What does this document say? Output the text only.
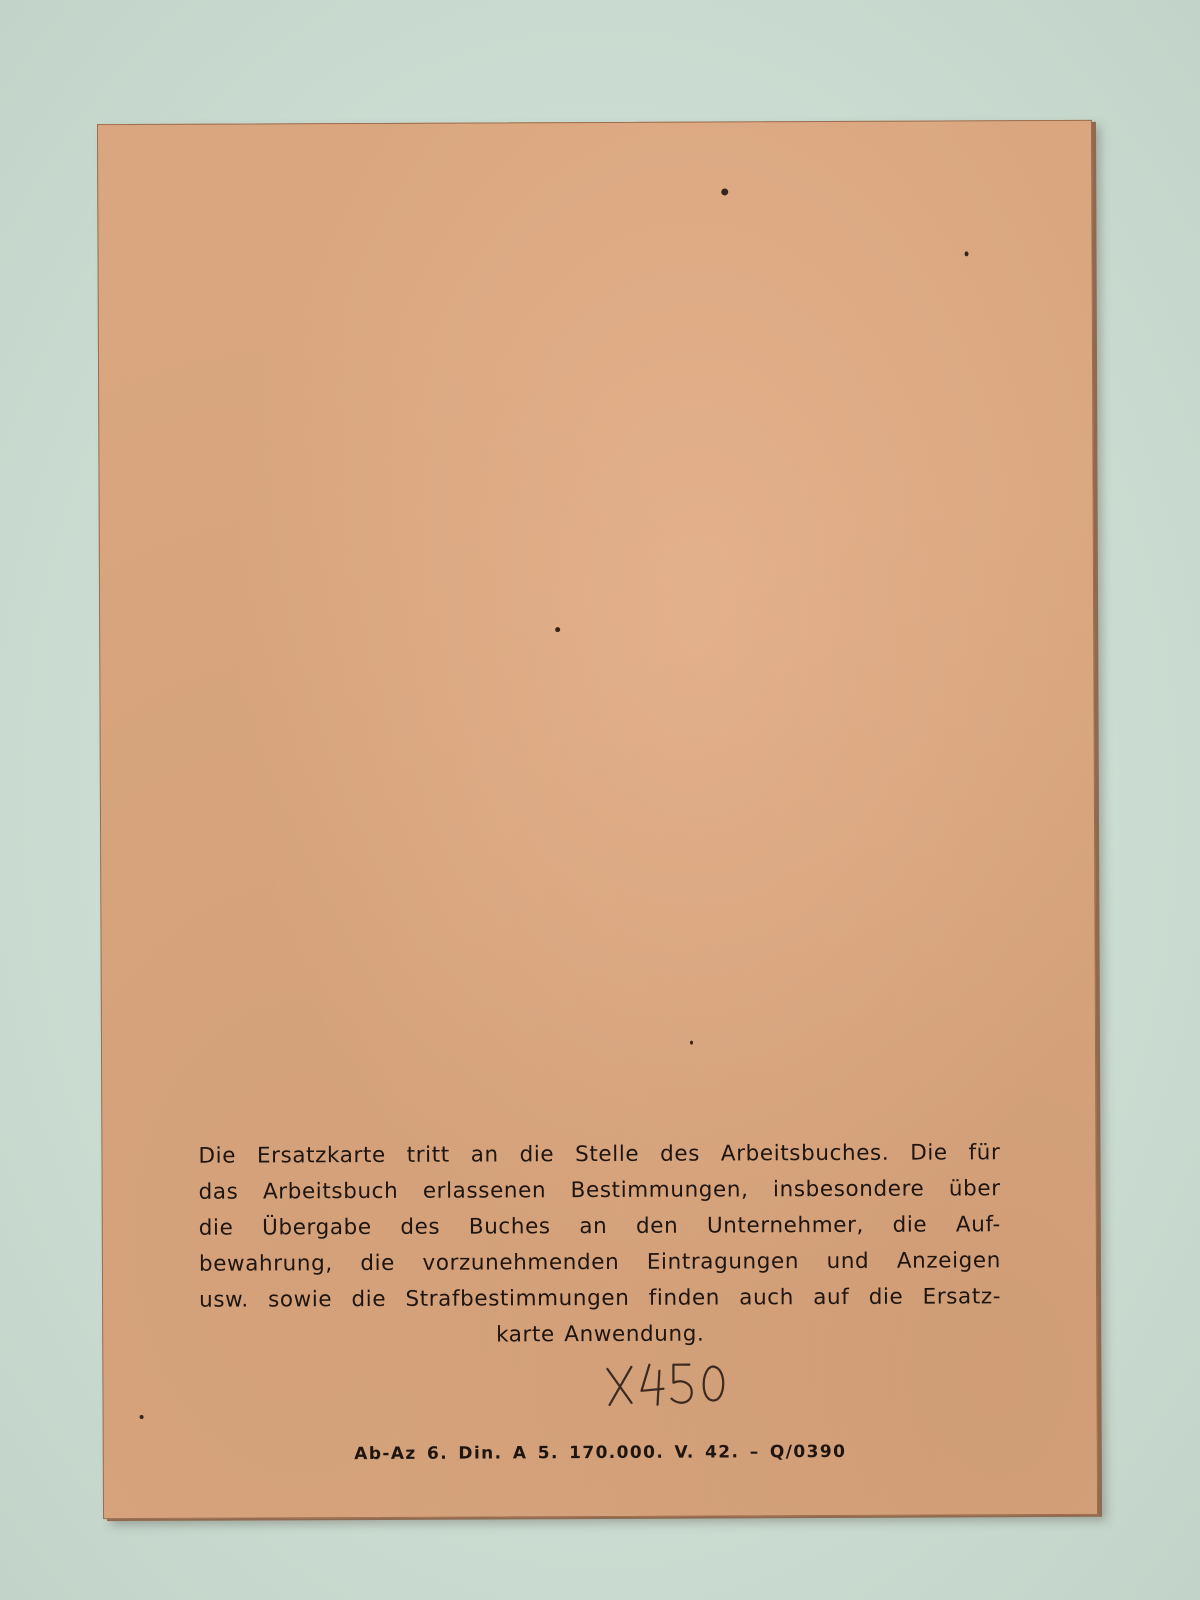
Die Ersatzkarte tritt an die Stelle des Arbeitsbuches. Die für
das Arbeitsbuch erlassenen Bestimmungen, insbesondere über
die Übergabe des Buches an den Unternehmer, die Auf-
bewahrung, die vorzunehmenden Eintragungen und Anzeigen
usw. sowie die Strafbestimmungen finden auch auf die Ersatz-
karte Anwendung.
Ab-Az 6. Din. A 5. 170.000. V. 42. – Q/0390
